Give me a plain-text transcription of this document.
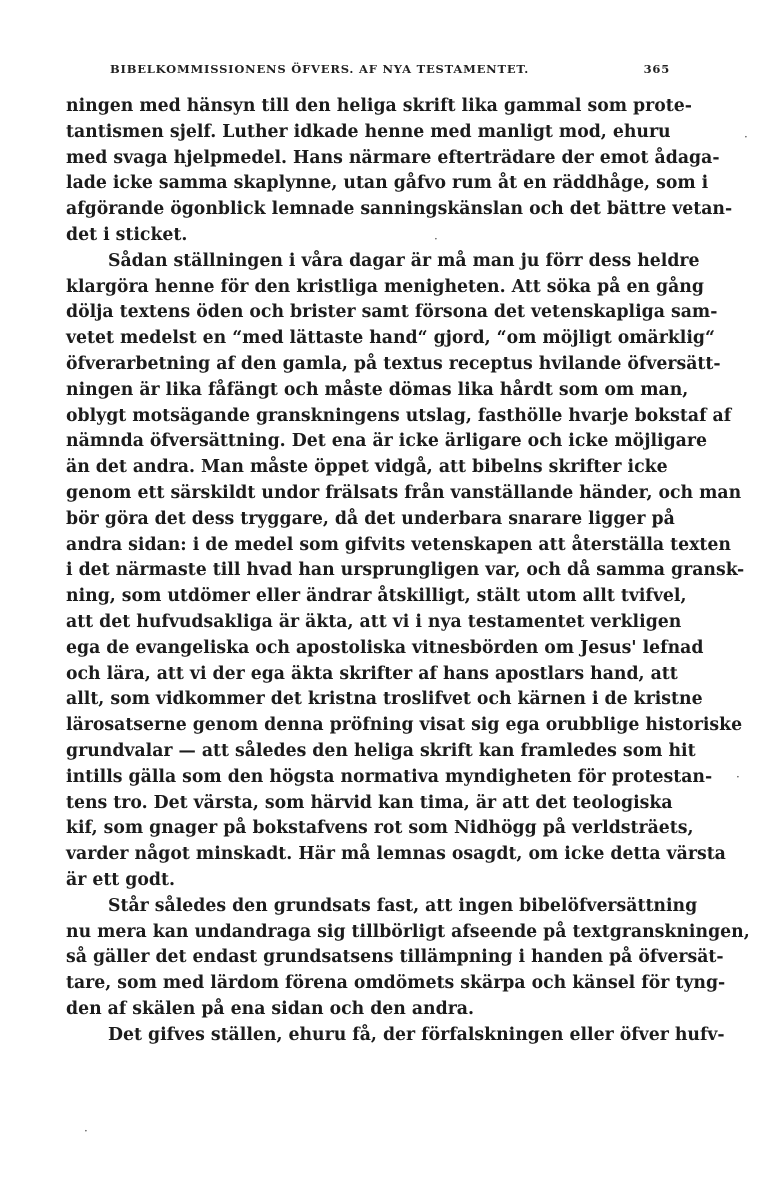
BIBELKOMMISSIONENS ÖFVERS. AF NYA TESTAMENTET.	365
ningen med hänsyn till den heliga skrift lika gammal som prote-
tantismen sjelf. Luther idkade henne med manligt mod, ehuru
med svaga hjelpmedel. Hans närmare efterträdare der emot ådaga-
lade icke samma skaplynne, utan gåfvo rum åt en räddhåge, som i
afgörande ögonblick lemnade sanningskänslan och det bättre vetan-
det i sticket.
Sådan ställningen i våra dagar är må man ju förr dess heldre
klargöra henne för den kristliga menigheten. Att söka på en gång
dölja textens öden och brister samt försona det vetenskapliga sam-
vetet medelst en “med lättaste hand“ gjord, “om möjligt omärklig“
öfverarbetning af den gamla, på textus receptus hvilande öfversätt-
ningen är lika fåfängt och måste dömas lika hårdt som om man,
oblygt motsägande granskningens utslag, fasthölle hvarje bokstaf af
nämnda öfversättning. Det ena är icke ärligare och icke möjligare
än det andra. Man måste öppet vidgå, att bibelns skrifter icke
genom ett särskildt undor frälsats från vanställande händer, och man
bör göra det dess tryggare, då det underbara snarare ligger på
andra sidan: i de medel som gifvits vetenskapen att återställa texten
i det närmaste till hvad han ursprungligen var, och då samma gransk-
ning, som utdömer eller ändrar åtskilligt, stält utom allt tvifvel,
att det hufvudsakliga är äkta, att vi i nya testamentet verkligen
ega de evangeliska och apostoliska vitnesbörden om Jesus' lefnad
och lära, att vi der ega äkta skrifter af hans apostlars hand, att
allt, som vidkommer det kristna troslifvet och kärnen i de kristne
lärosatserne genom denna pröfning visat sig ega orubblige historiske
grundvalar — att således den heliga skrift kan framledes som hit
intills gälla som den högsta normativa myndigheten för protestan-
tens tro. Det värsta, som härvid kan tima, är att det teologiska
kif, som gnager på bokstafvens rot som Nidhögg på verldsträets,
varder något minskadt. Här må lemnas osagdt, om icke detta värsta
är ett godt.
Står således den grundsats fast, att ingen bibelöfversättning
nu mera kan undandraga sig tillbörligt afseende på textgranskningen,
så gäller det endast grundsatsens tillämpning i handen på öfversät-
tare, som med lärdom förena omdömets skärpa och känsel för tyng-
den af skälen på ena sidan och den andra.
Det gifves ställen, ehuru få, der förfalskningen eller öfver hufv-
·
·
·
·
